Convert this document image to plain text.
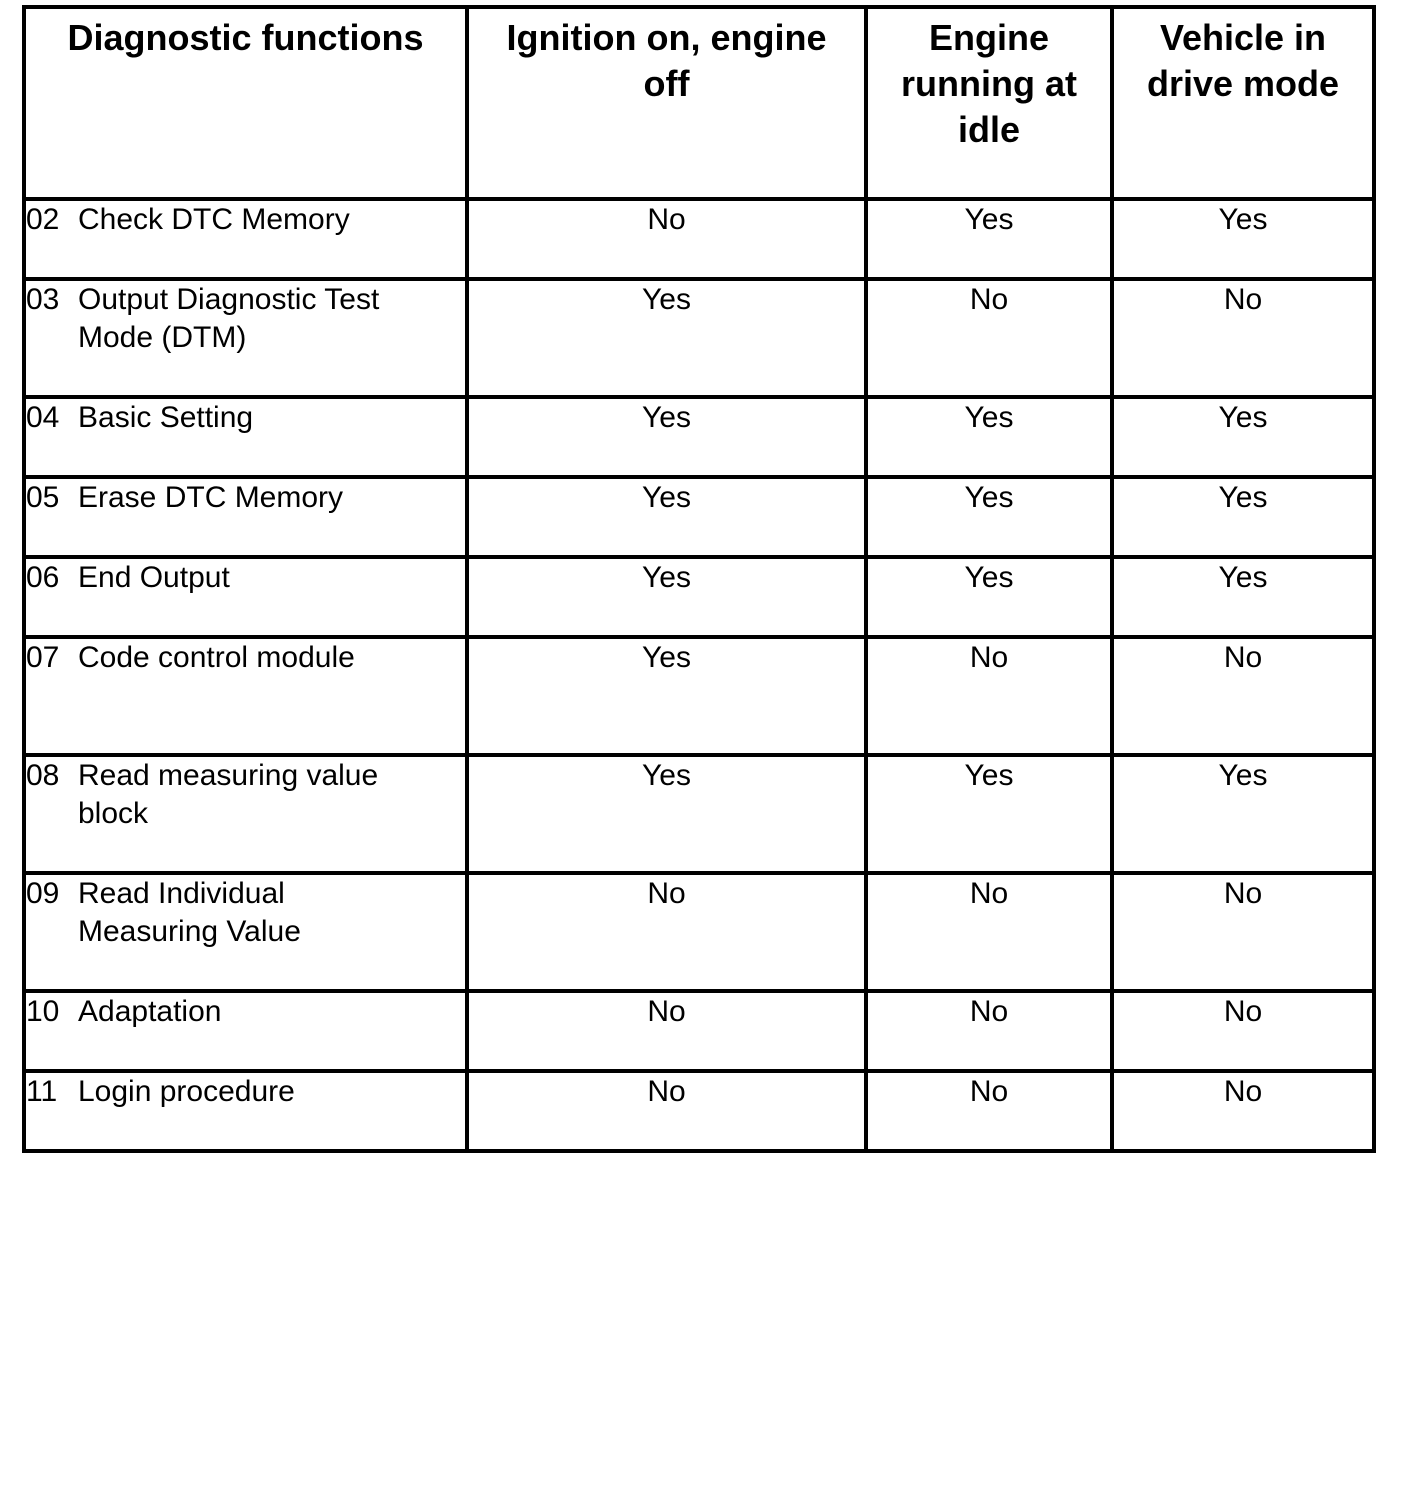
Diagnostic functions	Ignition on, engine off	Engine running at idle	Vehicle in drive mode
02 Check DTC Memory	No	Yes	Yes
03 Output Diagnostic Test Mode (DTM)	Yes	No	No
04 Basic Setting	Yes	Yes	Yes
05 Erase DTC Memory	Yes	Yes	Yes
06 End Output	Yes	Yes	Yes
07 Code control module	Yes	No	No
08 Read measuring value block	Yes	Yes	Yes
09 Read Individual Measuring Value	No	No	No
10 Adaptation	No	No	No
11 Login procedure	No	No	No
